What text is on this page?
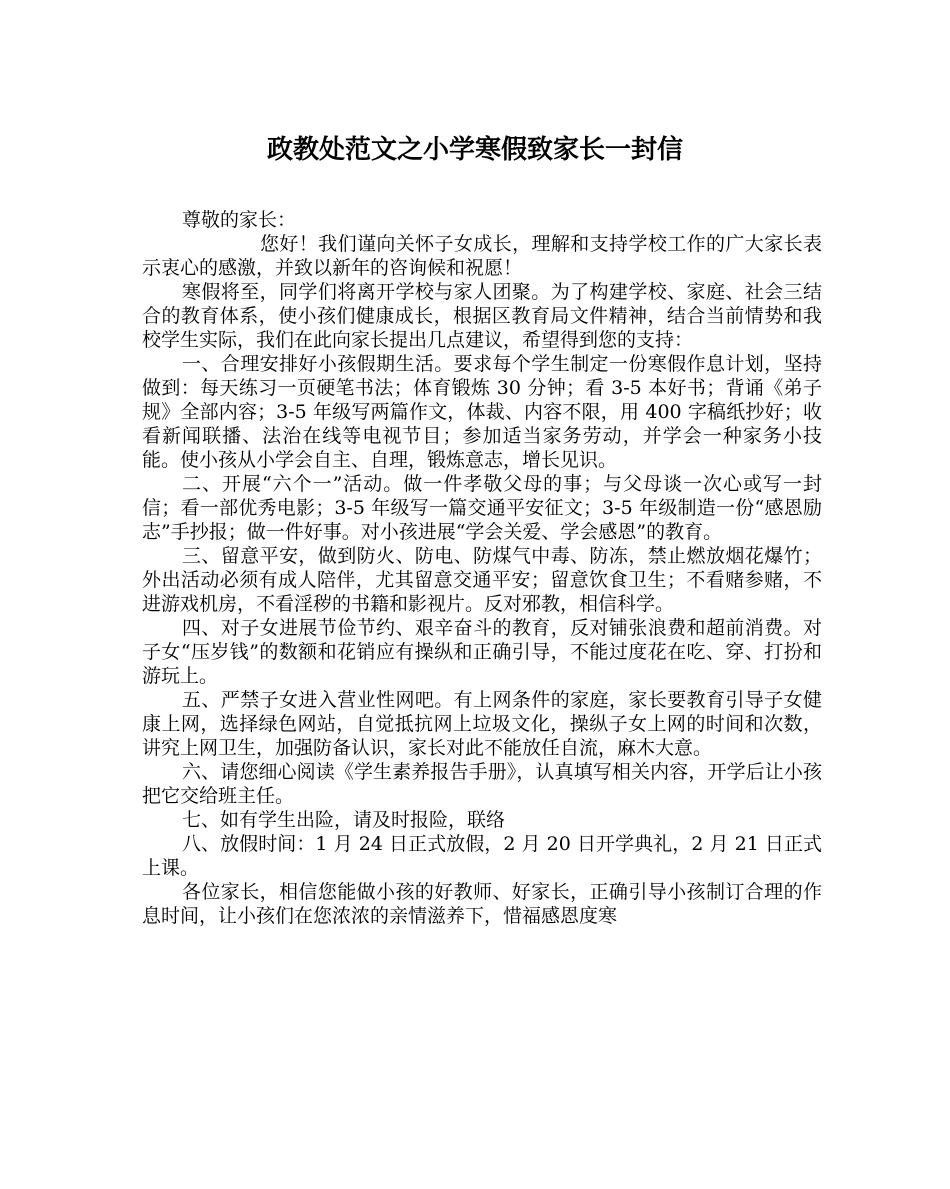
政教处范文之小学寒假致家长一封信

尊敬的家长：

您好！我们谨向关怀子女成长，理解和支持学校工作的广大家长表示衷心的感激，并致以新年的咨询候和祝愿！

寒假将至，同学们将离开学校与家人团聚。为了构建学校、家庭、社会三结合的教育体系，使小孩们健康成长，根据区教育局文件精神，结合当前情势和我校学生实际，我们在此向家长提出几点建议，希望得到您的支持：

一、合理安排好小孩假期生活。要求每个学生制定一份寒假作息计划，坚持做到：每天练习一页硬笔书法；体育锻炼 30 分钟；看 3-5 本好书；背诵《弟子规》全部内容；3-5 年级写两篇作文，体裁、内容不限，用 400 字稿纸抄好；收看新闻联播、法治在线等电视节目；参加适当家务劳动，并学会一种家务小技能。使小孩从小学会自主、自理，锻炼意志，增长见识。

二、开展“六个一”活动。做一件孝敬父母的事；与父母谈一次心或写一封信；看一部优秀电影；3-5 年级写一篇交通平安征文；3-5 年级制造一份“感恩励志”手抄报；做一件好事。对小孩进展“学会关爱、学会感恩”的教育。

三、留意平安，做到防火、防电、防煤气中毒、防冻，禁止燃放烟花爆竹；外出活动必须有成人陪伴，尤其留意交通平安；留意饮食卫生；不看赌参赌，不进游戏机房，不看淫秽的书籍和影视片。反对邪教，相信科学。

四、对子女进展节俭节约、艰辛奋斗的教育，反对铺张浪费和超前消费。对子女“压岁钱”的数额和花销应有操纵和正确引导，不能过度花在吃、穿、打扮和游玩上。

五、严禁子女进入营业性网吧。有上网条件的家庭，家长要教育引导子女健康上网，选择绿色网站，自觉抵抗网上垃圾文化，操纵子女上网的时间和次数，讲究上网卫生，加强防备认识，家长对此不能放任自流，麻木大意。

六、请您细心阅读《学生素养报告手册》，认真填写相关内容，开学后让小孩把它交给班主任。

七、如有学生出险，请及时报险，联络

八、放假时间：1 月 24 日正式放假，2 月 20 日开学典礼，2 月 21 日正式上课。

各位家长，相信您能做小孩的好教师、好家长，正确引导小孩制订合理的作息时间，让小孩们在您浓浓的亲情滋养下，惜福感恩度寒
